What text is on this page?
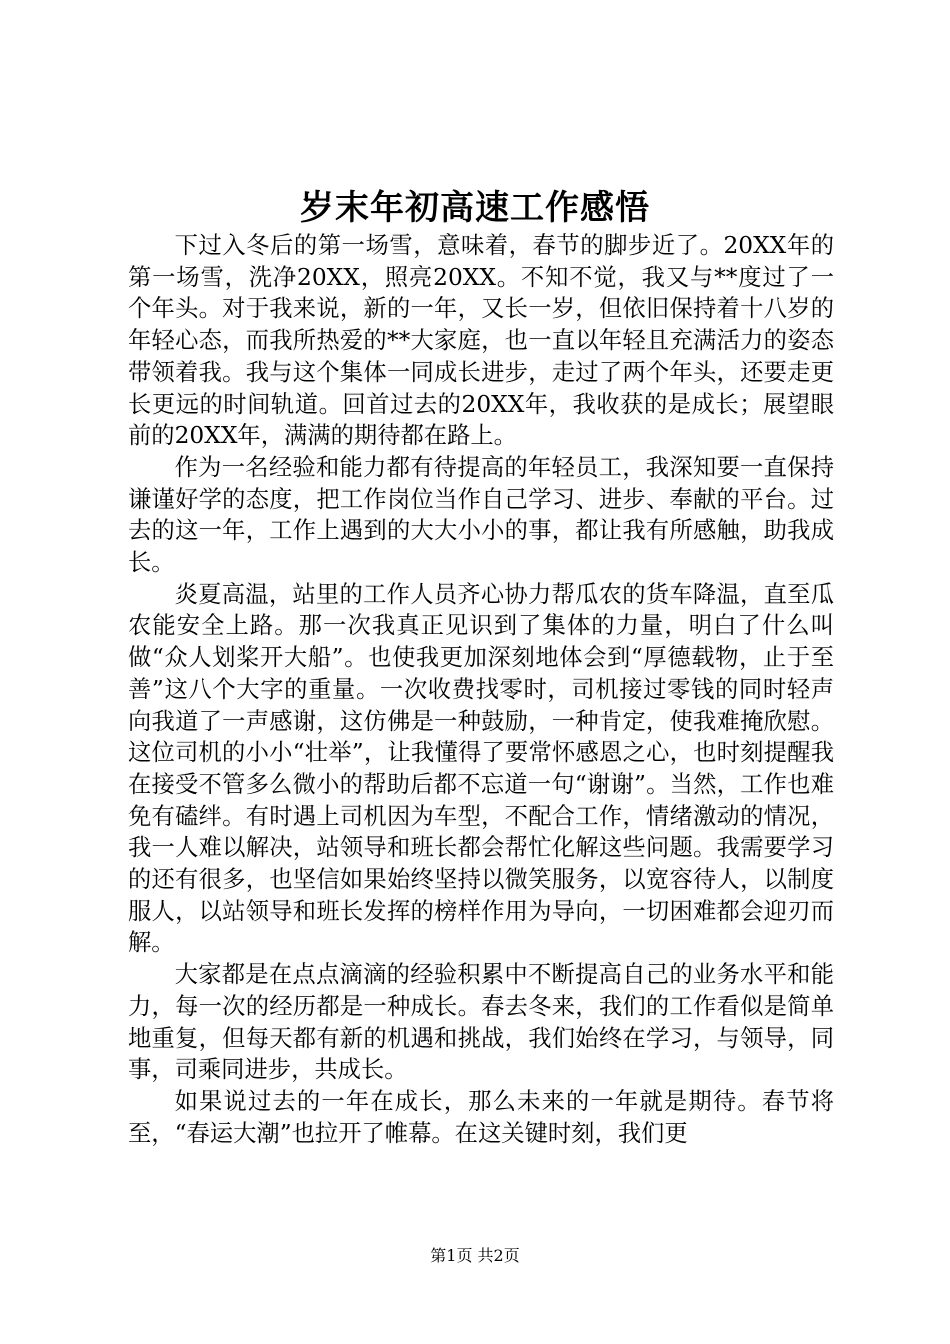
岁末年初高速工作感悟

下过入冬后的第一场雪，意味着，春节的脚步近了。20XX年的第一场雪，洗净20XX，照亮20XX。不知不觉，我又与**度过了一个年头。对于我来说，新的一年，又长一岁，但依旧保持着十八岁的年轻心态，而我所热爱的**大家庭，也一直以年轻且充满活力的姿态带领着我。我与这个集体一同成长进步，走过了两个年头，还要走更长更远的时间轨道。回首过去的20XX年，我收获的是成长；展望眼前的20XX年，满满的期待都在路上。

作为一名经验和能力都有待提高的年轻员工，我深知要一直保持谦谨好学的态度，把工作岗位当作自己学习、进步、奉献的平台。过去的这一年，工作上遇到的大大小小的事，都让我有所感触，助我成长。

炎夏高温，站里的工作人员齐心协力帮瓜农的货车降温，直至瓜农能安全上路。那一次我真正见识到了集体的力量，明白了什么叫做“众人划桨开大船”。也使我更加深刻地体会到“厚德载物，止于至善”这八个大字的重量。一次收费找零时，司机接过零钱的同时轻声向我道了一声感谢，这仿佛是一种鼓励，一种肯定，使我难掩欣慰。这位司机的小小“壮举”，让我懂得了要常怀感恩之心，也时刻提醒我在接受不管多么微小的帮助后都不忘道一句“谢谢”。当然，工作也难免有磕绊。有时遇上司机因为车型，不配合工作，情绪激动的情况，我一人难以解决，站领导和班长都会帮忙化解这些问题。我需要学习的还有很多，也坚信如果始终坚持以微笑服务，以宽容待人，以制度服人，以站领导和班长发挥的榜样作用为导向，一切困难都会迎刃而解。

大家都是在点点滴滴的经验积累中不断提高自己的业务水平和能力，每一次的经历都是一种成长。春去冬来，我们的工作看似是简单地重复，但每天都有新的机遇和挑战，我们始终在学习，与领导，同事，司乘同进步，共成长。

如果说过去的一年在成长，那么未来的一年就是期待。春节将至，“春运大潮”也拉开了帷幕。在这关键时刻，我们更

第1页 共2页
